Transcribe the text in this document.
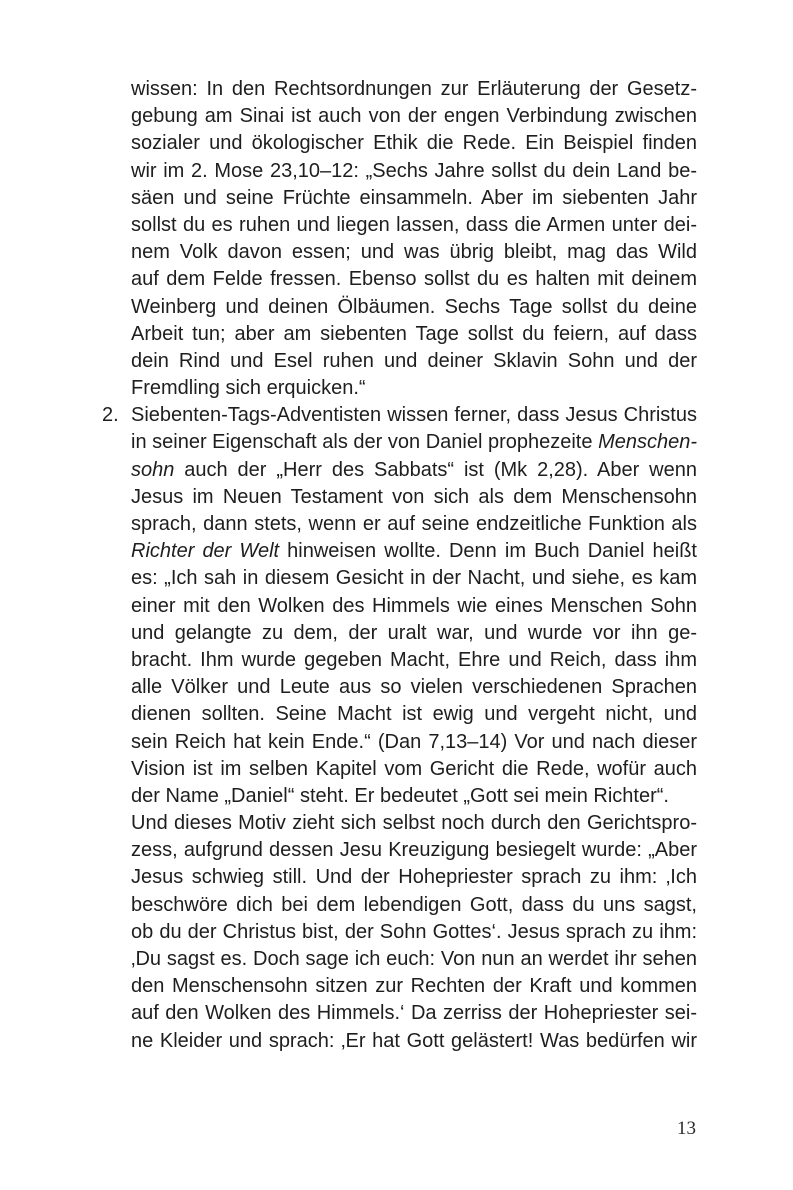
wissen: In den Rechtsordnungen zur Erläuterung der Gesetz-
gebung am Sinai ist auch von der engen Verbindung zwischen
sozialer und ökologischer Ethik die Rede. Ein Beispiel finden
wir im 2. Mose 23,10–12: „Sechs Jahre sollst du dein Land be-
säen und seine Früchte einsammeln. Aber im siebenten Jahr
sollst du es ruhen und liegen lassen, dass die Armen unter dei-
nem Volk davon essen; und was übrig bleibt, mag das Wild
auf dem Felde fressen. Ebenso sollst du es halten mit deinem
Weinberg und deinen Ölbäumen. Sechs Tage sollst du deine
Arbeit tun; aber am siebenten Tage sollst du feiern, auf dass
dein Rind und Esel ruhen und deiner Sklavin Sohn und der
Fremdling sich erquicken.“
2. Siebenten-Tags-Adventisten wissen ferner, dass Jesus Christus
in seiner Eigenschaft als der von Daniel prophezeite Menschen-
sohn auch der „Herr des Sabbats“ ist (Mk 2,28). Aber wenn
Jesus im Neuen Testament von sich als dem Menschensohn
sprach, dann stets, wenn er auf seine endzeitliche Funktion als
Richter der Welt hinweisen wollte. Denn im Buch Daniel heißt
es: „Ich sah in diesem Gesicht in der Nacht, und siehe, es kam
einer mit den Wolken des Himmels wie eines Menschen Sohn
und gelangte zu dem, der uralt war, und wurde vor ihn ge-
bracht. Ihm wurde gegeben Macht, Ehre und Reich, dass ihm
alle Völker und Leute aus so vielen verschiedenen Sprachen
dienen sollten. Seine Macht ist ewig und vergeht nicht, und
sein Reich hat kein Ende.“ (Dan 7,13–14) Vor und nach dieser
Vision ist im selben Kapitel vom Gericht die Rede, wofür auch
der Name „Daniel“ steht. Er bedeutet „Gott sei mein Richter“.
Und dieses Motiv zieht sich selbst noch durch den Gerichtspro-
zess, aufgrund dessen Jesu Kreuzigung besiegelt wurde: „Aber
Jesus schwieg still. Und der Hohepriester sprach zu ihm: ‚Ich
beschwöre dich bei dem lebendigen Gott, dass du uns sagst,
ob du der Christus bist, der Sohn Gottes‘. Jesus sprach zu ihm:
‚Du sagst es. Doch sage ich euch: Von nun an werdet ihr sehen
den Menschensohn sitzen zur Rechten der Kraft und kommen
auf den Wolken des Himmels.‘ Da zerriss der Hohepriester sei-
ne Kleider und sprach: ‚Er hat Gott gelästert! Was bedürfen wir
13
